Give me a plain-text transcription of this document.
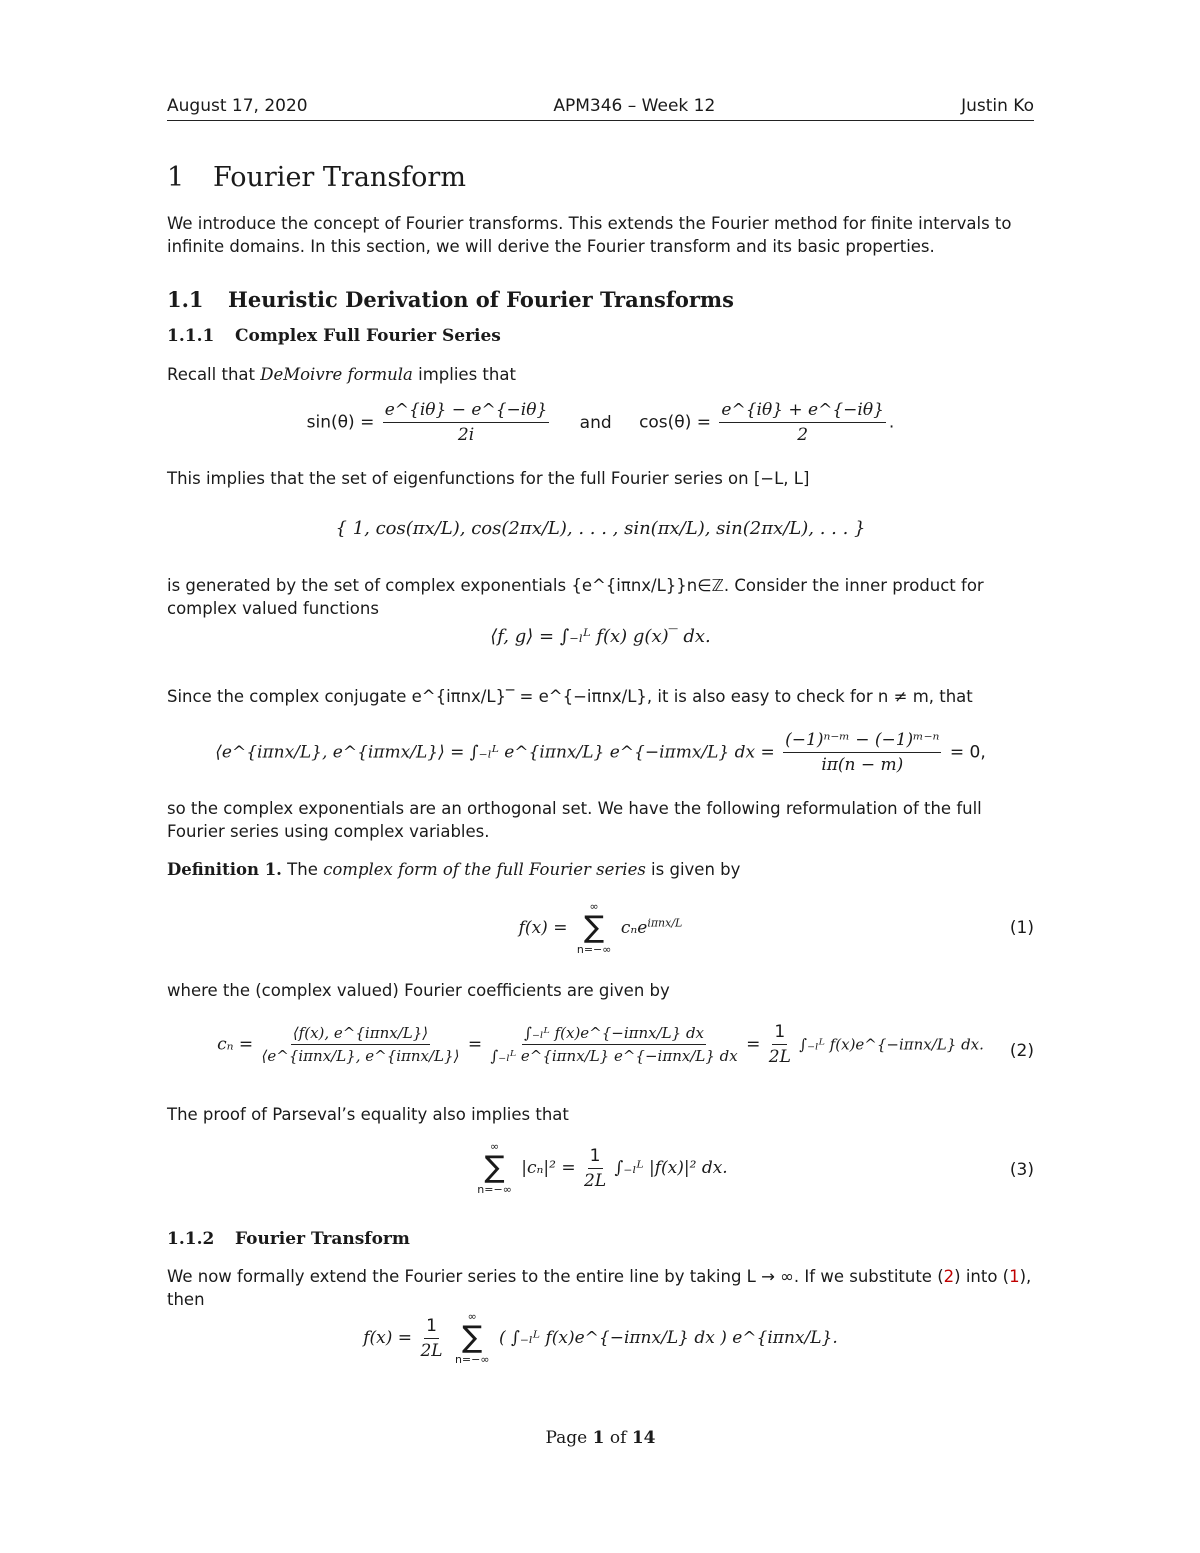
August 17, 2020	APM346 – Week 12	Justin Ko
1 Fourier Transform
We introduce the concept of Fourier transforms. This extends the Fourier method for finite intervals to infinite domains. In this section, we will derive the Fourier transform and its basic properties.
1.1 Heuristic Derivation of Fourier Transforms
1.1.1 Complex Full Fourier Series
Recall that DeMoivre formula implies that
$\sin(\theta) = \frac{e\^{}\{i\theta\} - e\^{}\{-i\theta\}}{2i}$ and $\cos(\theta) = \frac{e\^{}\{i\theta\} + e\^{}\{-i\theta\}}{2}$ .
This implies that the set of eigenfunctions for the full Fourier series on [−L, L]
{ 1, cos(πx/L), cos(2πx/L), . . . , sin(πx/L), sin(2πx/L), . . . }
is generated by the set of complex exponentials {e^{iπnx/L}}n∈ℤ. Consider the inner product for complex valued functions
⟨f, g⟩ = ∫₋ₗᴸ f(x) g(x)‾ dx.
Since the complex conjugate e^{iπnx/L}‾ = e^{−iπnx/L}, it is also easy to check for n ≠ m, that
⟨e^{iπnx/L}, e^{iπmx/L}⟩ = ∫₋ₗᴸ e^{iπnx/L} e^{−iπmx/L} dx = $\frac{\text{(−1)ⁿ⁻ᵐ − (−1)ᵐ⁻ⁿ}}{i\pi(n - m)} = 0$,
so the complex exponentials are an orthogonal set. We have the following reformulation of the full Fourier series using complex variables.
Definition 1. The complex form of the full Fourier series is given by
f(x) =
∞
∑
n=−∞
cₙe$^{i\pi nx/L}$	(1)
where the (complex valued) Fourier coefficients are given by
$c_n = \frac{\text{⟨f(x), e\textasciicircum{}\{iπnx/L\}⟩}}{\text{⟨e\textasciicircum{}\{iπnx/L\}, e\textasciicircum{}\{iπnx/L\}⟩}} = \frac{\text{∫₋ₗᴸ f(x)e\textasciicircum{}\{−iπnx/L\} dx}}{\text{∫₋ₗᴸ e\textasciicircum{}\{iπnx/L\} e\textasciicircum{}\{−iπnx/L\} dx}} = \frac{1}{2L}$ ∫₋ₗᴸ f(x)e^{−iπnx/L} dx.	(2)
The proof of Parseval’s equality also implies that
∞
∑
n=−∞
$|c_n|^2 = \frac{1}{2L}$ ∫₋ₗᴸ |f(x)|² dx.	(3)
1.1.2 Fourier Transform
We now formally extend the Fourier series to the entire line by taking L → ∞. If we substitute (2) into (1), then
$f(x) = \frac{1}{2L}$
∞
∑
n=−∞
( ∫₋ₗᴸ f(x)e^{−iπnx/L} dx ) e^{iπnx/L}.
Page 1 of 14
